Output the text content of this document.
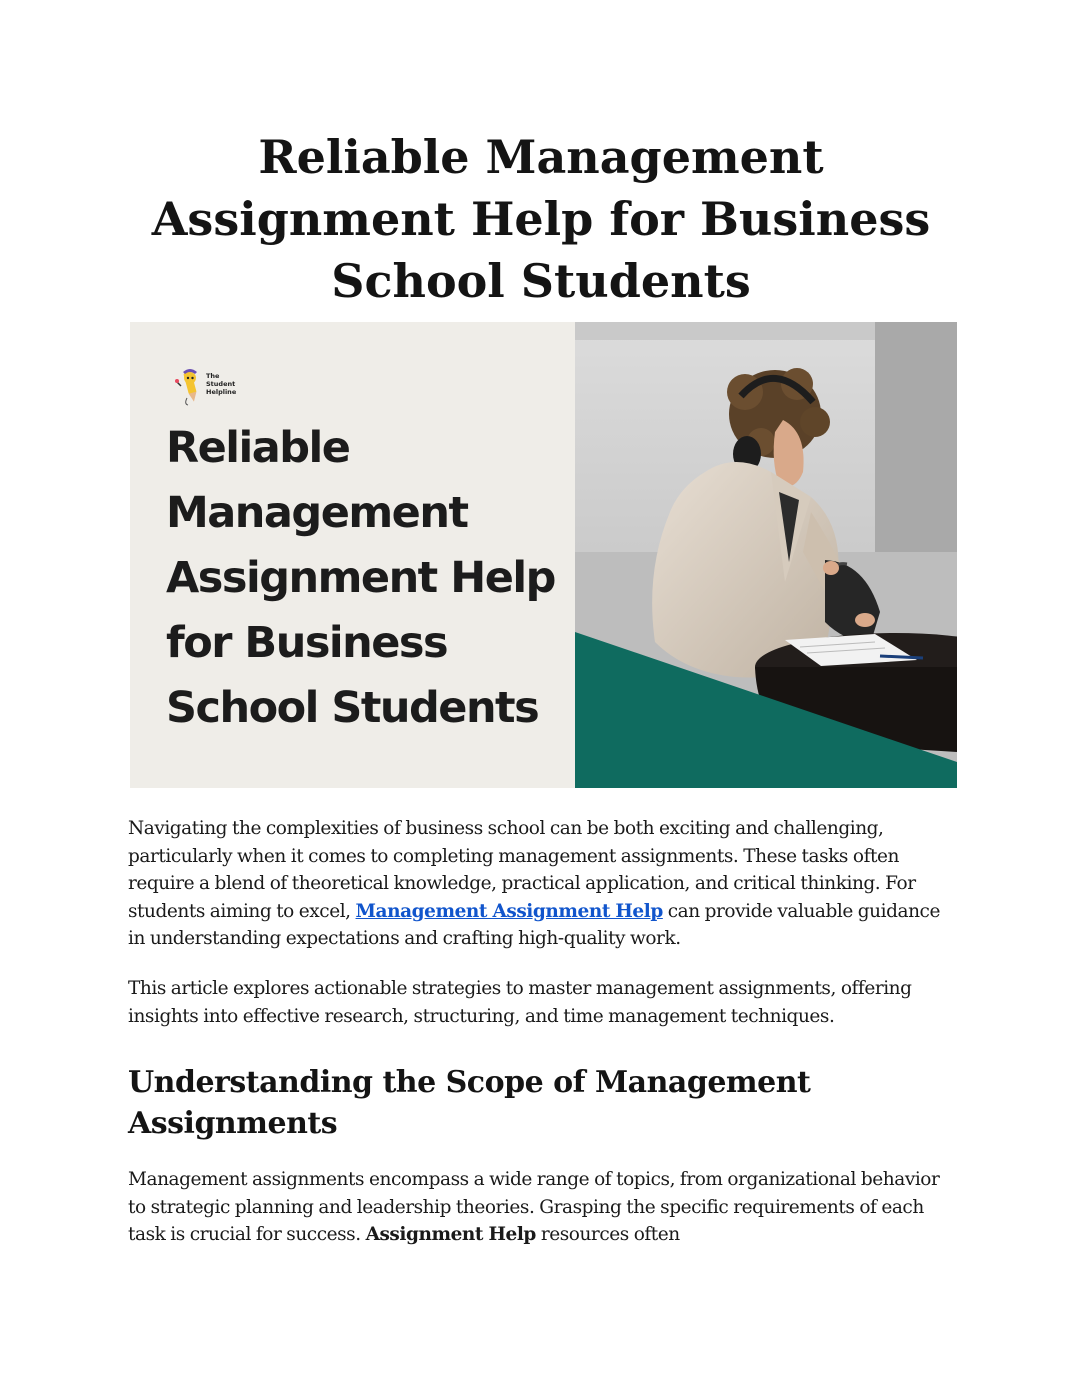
Reliable Management Assignment Help for Business School Students
The
Student
Helpline
Reliable
Management
Assignment Help
for Business
School Students

Navigating the complexities of business school can be both exciting and challenging, particularly when it comes to completing management assignments. These tasks often require a blend of theoretical knowledge, practical application, and critical thinking. For students aiming to excel, Management Assignment Help can provide valuable guidance in understanding expectations and crafting high-quality work.

This article explores actionable strategies to master management assignments, offering insights into effective research, structuring, and time management techniques.

Understanding the Scope of Management Assignments

Management assignments encompass a wide range of topics, from organizational behavior to strategic planning and leadership theories. Grasping the specific requirements of each task is crucial for success. Assignment Help resources often
